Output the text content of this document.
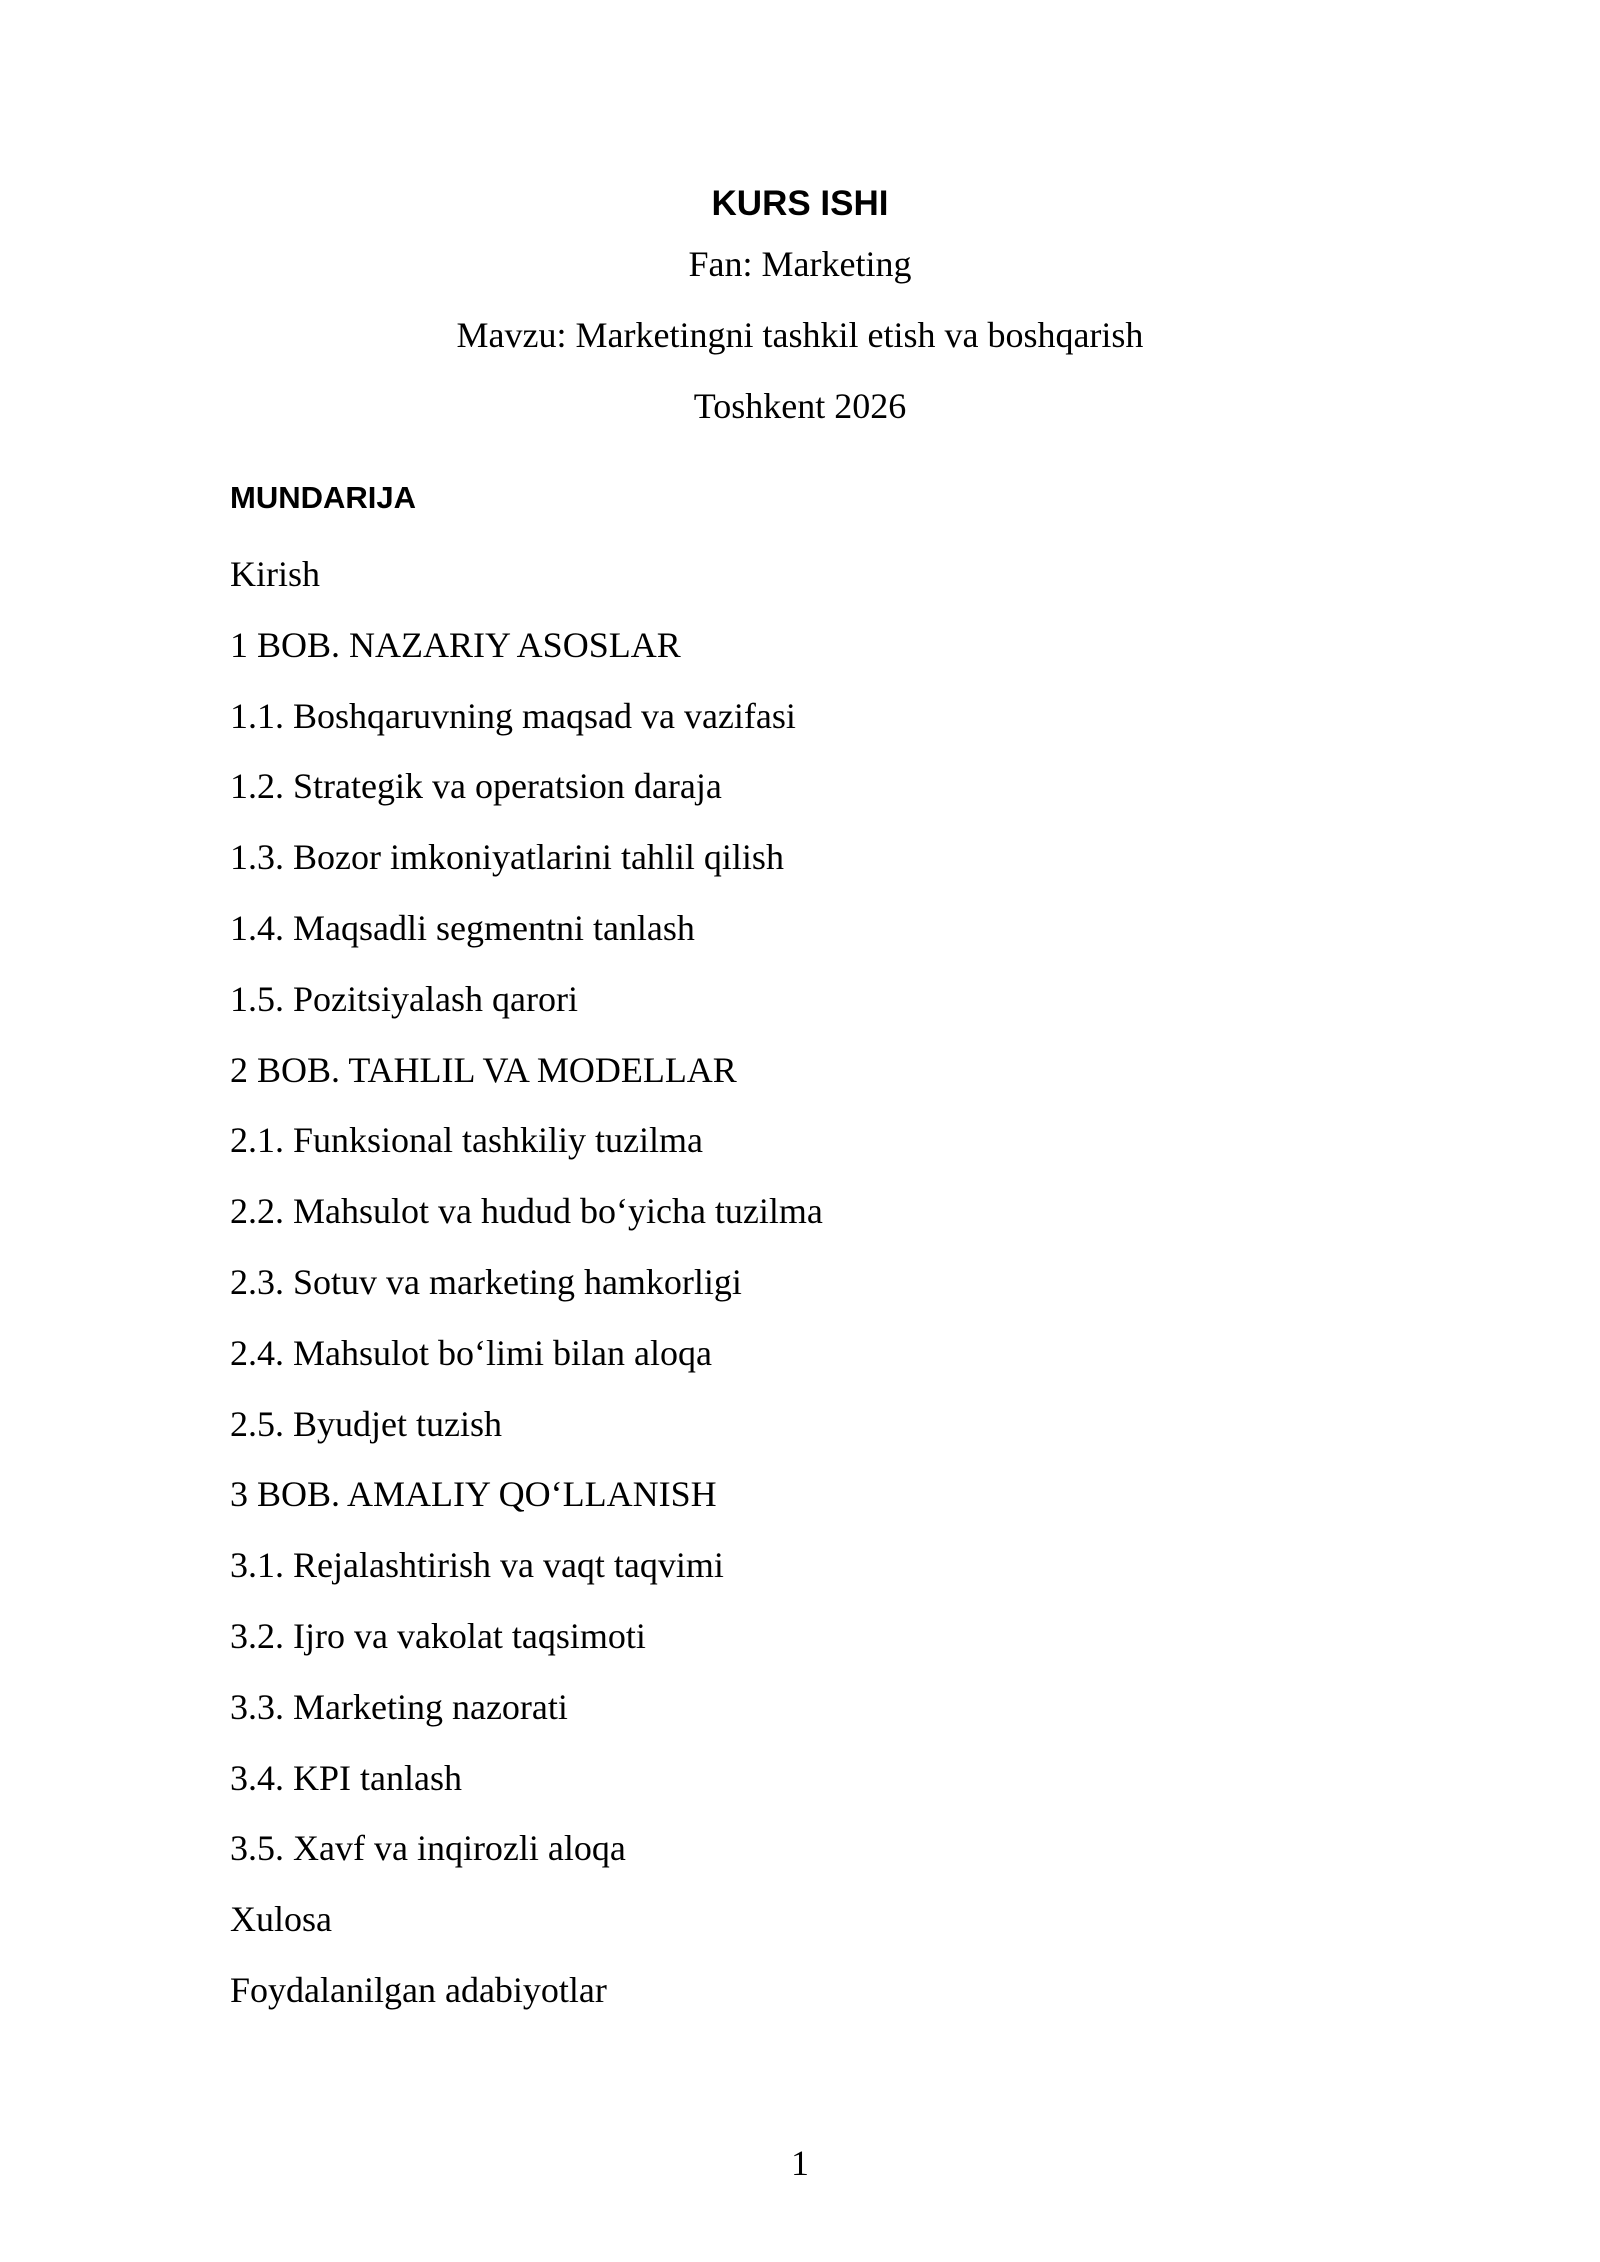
KURS ISHI
Fan: Marketing
Mavzu: Marketingni tashkil etish va boshqarish
Toshkent 2026
MUNDARIJA
Kirish
1 BOB. NAZARIY ASOSLAR
1.1. Boshqaruvning maqsad va vazifasi
1.2. Strategik va operatsion daraja
1.3. Bozor imkoniyatlarini tahlil qilish
1.4. Maqsadli segmentni tanlash
1.5. Pozitsiyalash qarori
2 BOB. TAHLIL VA MODELLAR
2.1. Funksional tashkiliy tuzilma
2.2. Mahsulot va hudud bo‘yicha tuzilma
2.3. Sotuv va marketing hamkorligi
2.4. Mahsulot bo‘limi bilan aloqa
2.5. Byudjet tuzish
3 BOB. AMALIY QO‘LLANISH
3.1. Rejalashtirish va vaqt taqvimi
3.2. Ijro va vakolat taqsimoti
3.3. Marketing nazorati
3.4. KPI tanlash
3.5. Xavf va inqirozli aloqa
Xulosa
Foydalanilgan adabiyotlar
1
